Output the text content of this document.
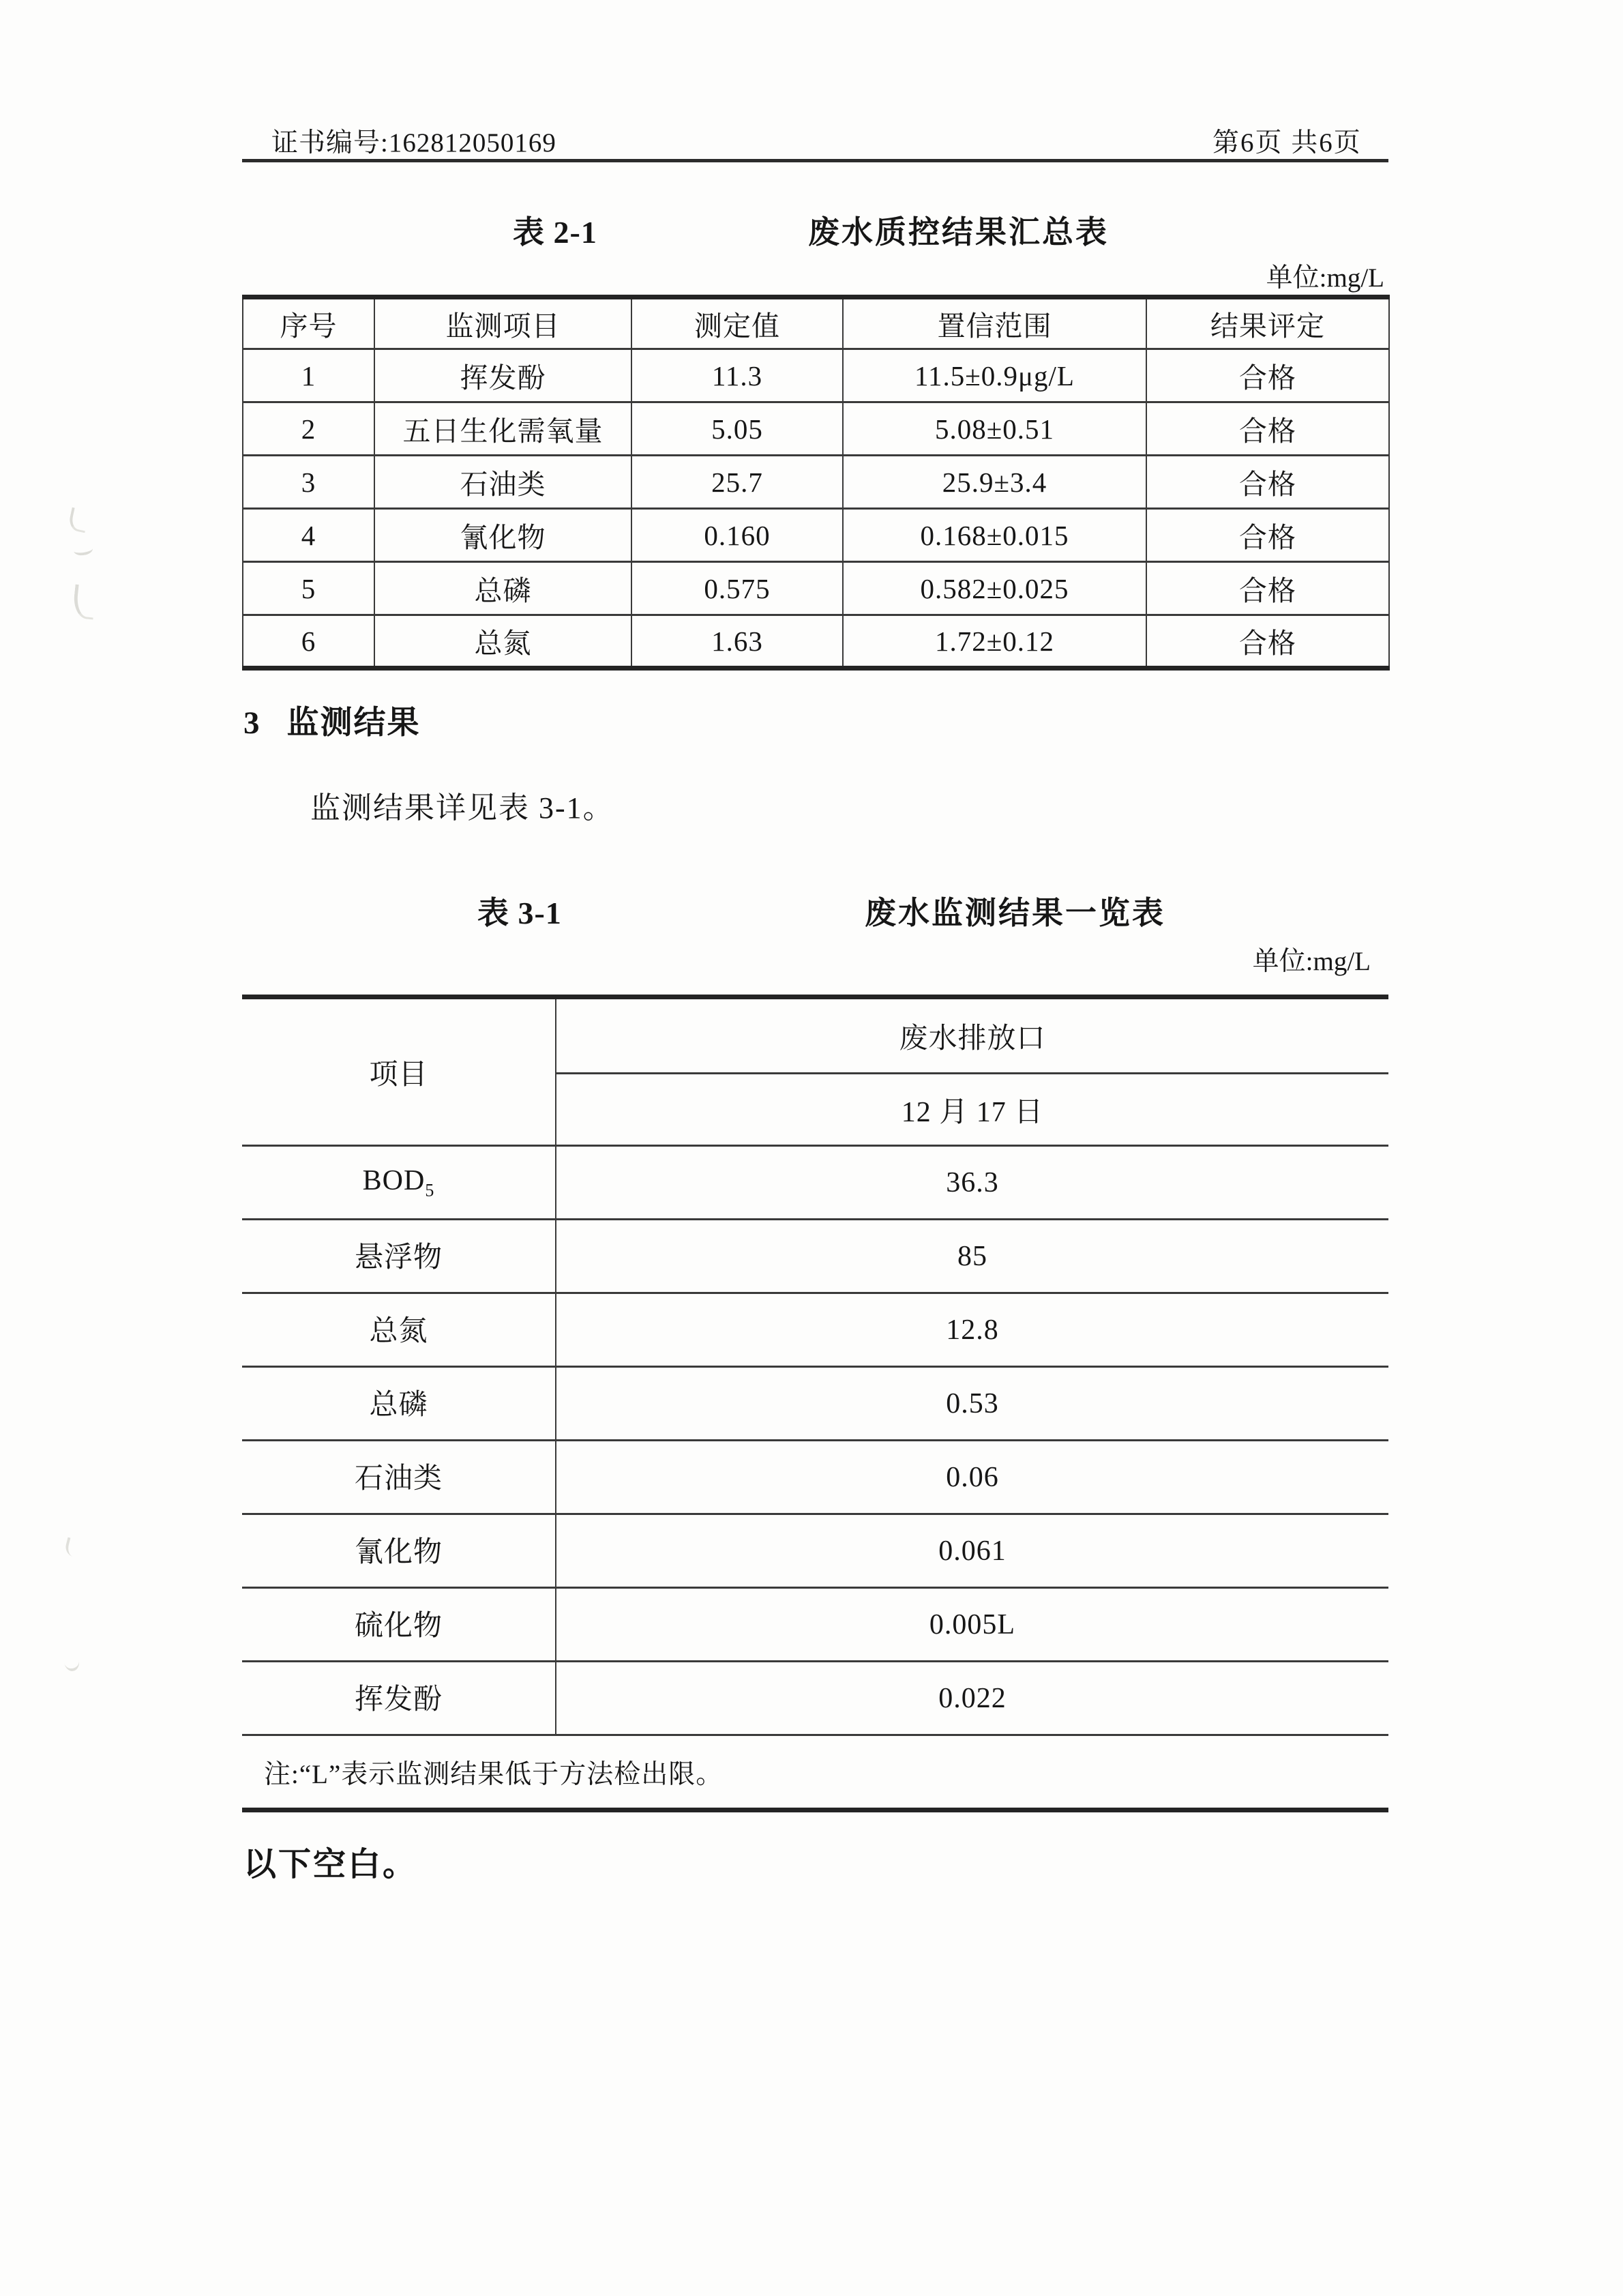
证书编号:162812050169	第6页 共6页
表 2-1	废水质控结果汇总表
单位:mg/L
序号	监测项目	测定值	置信范围	结果评定
1	挥发酚	11.3	11.5±0.9μg/L	合格
2	五日生化需氧量	5.05	5.08±0.51	合格
3	石油类	25.7	25.9±3.4	合格
4	氰化物	0.160	0.168±0.015	合格
5	总磷	0.575	0.582±0.025	合格
6	总氮	1.63	1.72±0.12	合格
3 监测结果
监测结果详见表 3-1。
表 3-1	废水监测结果一览表
单位:mg/L
项目	废水排放口
	12 月 17 日
$BOD_5$	36.3
悬浮物	85
总氮	12.8
总磷	0.53
石油类	0.06
氰化物	0.061
硫化物	0.005L
挥发酚	0.022
注:“L”表示监测结果低于方法检出限。	
以下空白。
